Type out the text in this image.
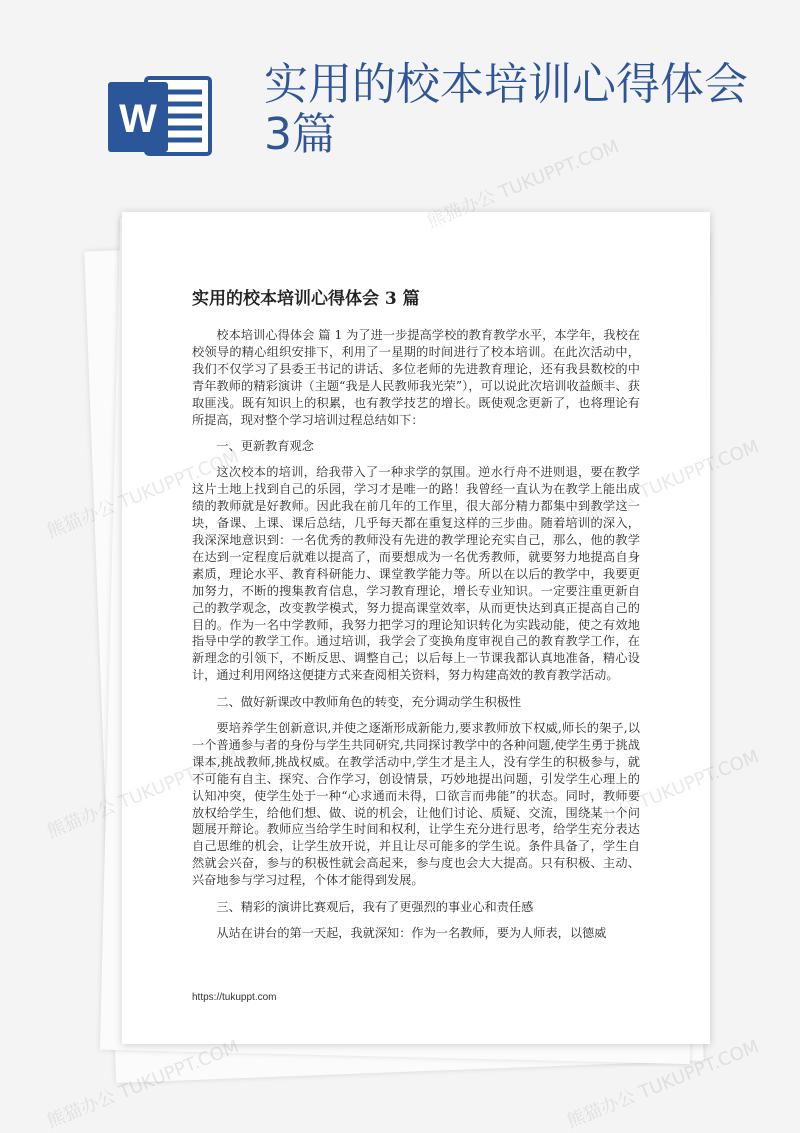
W
实用的校本培训心得体会3篇
实用的校本培训心得体会 3 篇

校本培训心得体会 篇 1 为了进一步提高学校的教育教学水平，本学年，我校在校领导的精心组织安排下，利用了一星期的时间进行了校本培训。在此次活动中，我们不仅学习了县委王书记的讲话、多位老师的先进教育理论，还有我县数校的中青年教师的精彩演讲（主题“我是人民教师我光荣”），可以说此次培训收益颇丰、获取匪浅。既有知识上的积累，也有教学技艺的增长。既使观念更新了，也将理论有所提高，现对整个学习培训过程总结如下：

一、更新教育观念

这次校本的培训，给我带入了一种求学的氛围。逆水行舟不进则退，要在教学这片土地上找到自己的乐园，学习才是唯一的路！我曾经一直认为在教学上能出成绩的教师就是好教师。因此我在前几年的工作里，很大部分精力都集中到教学这一块，备课、上课、课后总结，几乎每天都在重复这样的三步曲。随着培训的深入，我深深地意识到：一名优秀的教师没有先进的教学理论充实自己，那么，他的教学在达到一定程度后就难以提高了，而要想成为一名优秀教师，就要努力地提高自身素质，理论水平、教育科研能力、课堂教学能力等。所以在以后的教学中，我要更加努力，不断的搜集教育信息，学习教育理论，增长专业知识。一定要注重更新自己的教学观念，改变教学模式，努力提高课堂效率，从而更快达到真正提高自己的目的。作为一名中学教师，我努力把学习的理论知识转化为实践动能，使之有效地指导中学的教学工作。通过培训，我学会了变换角度审视自己的教育教学工作，在新理念的引领下，不断反思、调整自己；以后每上一节课我都认真地准备，精心设计，通过利用网络这便捷方式来查阅相关资料，努力构建高效的教育教学活动。

二、做好新课改中教师角色的转变，充分调动学生积极性

要培养学生创新意识,并使之逐渐形成新能力,要求教师放下权威,师长的架子,以一个普通参与者的身份与学生共同研究,共同探讨教学中的各种问题,使学生勇于挑战课本,挑战教师,挑战权威。在教学活动中,学生才是主人，没有学生的积极参与，就不可能有自主、探究、合作学习，创设情景，巧妙地提出问题，引发学生心理上的认知冲突，使学生处于一种“心求通而未得，口欲言而弗能”的状态。同时，教师要放权给学生，给他们想、做、说的机会，让他们讨论、质疑、交流，围绕某一个问题展开辩论。教师应当给学生时间和权利，让学生充分进行思考，给学生充分表达自己思维的机会，让学生放开说，并且让尽可能多的学生说。条件具备了，学生自然就会兴奋，参与的积极性就会高起来，参与度也会大大提高。只有积极、主动、兴奋地参与学习过程，个体才能得到发展。

三、精彩的演讲比赛观后，我有了更强烈的事业心和责任感

从站在讲台的第一天起，我就深知：作为一名教师，要为人师表，以德威

https://tukuppt.com
熊猫办公 TUKUPPT.COM
熊猫办公
熊猫办公
熊猫办公 TUKUPPT.COM	熊猫办公 TUKUPPT.COM
